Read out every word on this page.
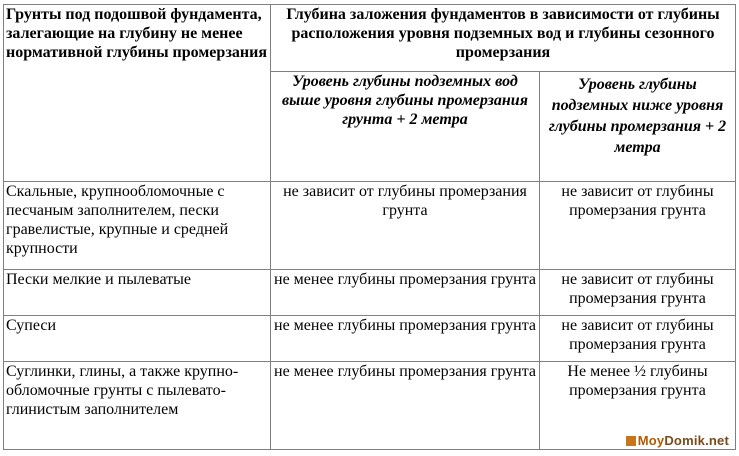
Грунты под подошвой фундамента, залегающие на глубину не менее нормативной глубины промерзания	Глубина заложения фундаментов в зависимости от глубины расположения уровня подземных вод и глубины сезонного промерзания	
	Уровень глубины подземных вод выше уровня глубины промерзания грунта + 2 метра	Уровень глубины подземных ниже уровня глубины промерзания + 2 метра
Скальные, крупнообломочные с песчаным заполнителем, пески гравелистые, крупные и средней крупности	не зависит от глубины промерзания грунта	не зависит от глубины промерзания грунта
Пески мелкие и пылеватые	не менее глубины промерзания грунта	не зависит от глубины промерзания грунта
Супеси	не менее глубины промерзания грунта	не зависит от глубины промерзания грунта
Суглинки, глины, а также крупно-обломочные грунты с пылевато-глинистым заполнителем	не менее глубины промерзания грунта	Не менее ½ глубины промерзания грунта
MoyDomik.net
